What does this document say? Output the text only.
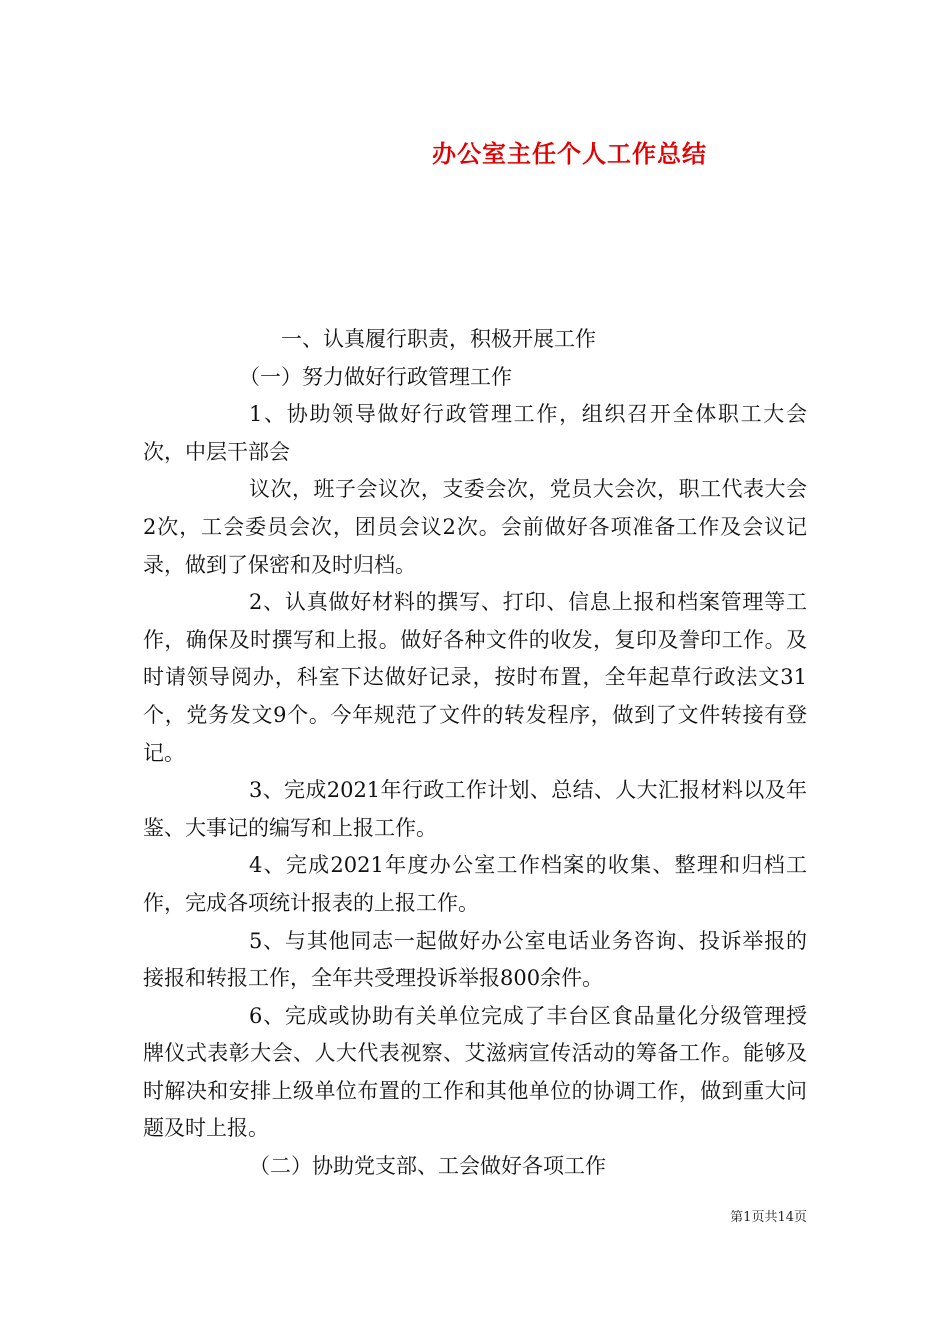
办公室主任个人工作总结

一、认真履行职责，积极开展工作

（一）努力做好行政管理工作

1、协助领导做好行政管理工作，组织召开全体职工大会次，中层干部会

议次，班子会议次，支委会次，党员大会次，职工代表大会2次，工会委员会次，团员会议2次。会前做好各项准备工作及会议记录，做到了保密和及时归档。

2、认真做好材料的撰写、打印、信息上报和档案管理等工作，确保及时撰写和上报。做好各种文件的收发，复印及誊印工作。及时请领导阅办，科室下达做好记录，按时布置，全年起草行政法文31个，党务发文9个。今年规范了文件的转发程序，做到了文件转接有登记。

3、完成2021年行政工作计划、总结、人大汇报材料以及年鉴、大事记的编写和上报工作。

4、完成2021年度办公室工作档案的收集、整理和归档工作，完成各项统计报表的上报工作。

5、与其他同志一起做好办公室电话业务咨询、投诉举报的接报和转报工作，全年共受理投诉举报800余件。

6、完成或协助有关单位完成了丰台区食品量化分级管理授牌仪式表彰大会、人大代表视察、艾滋病宣传活动的筹备工作。能够及时解决和安排上级单位布置的工作和其他单位的协调工作，做到重大问题及时上报。

（二）协助党支部、工会做好各项工作

第1页共14页
